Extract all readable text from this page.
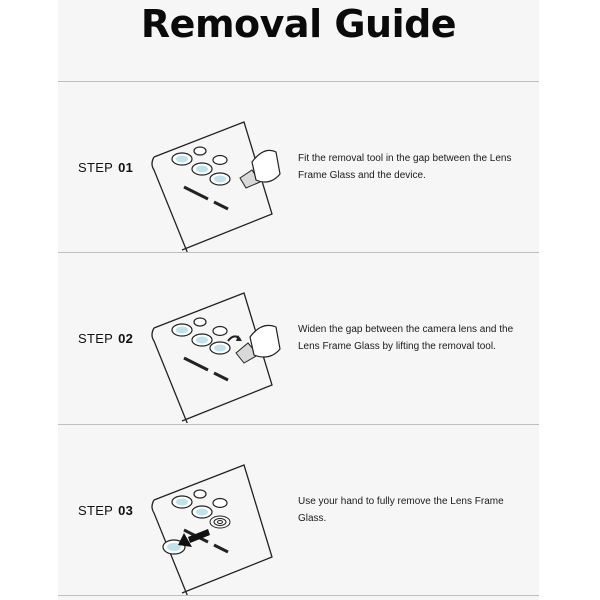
Removal Guide
STEP 01
Fit the removal tool in the gap between the Lens Frame Glass and the device.
STEP 02
Widen the gap between the camera lens and the Lens Frame Glass by lifting the removal tool.
STEP 03
Use your hand to fully remove the Lens Frame Glass.
